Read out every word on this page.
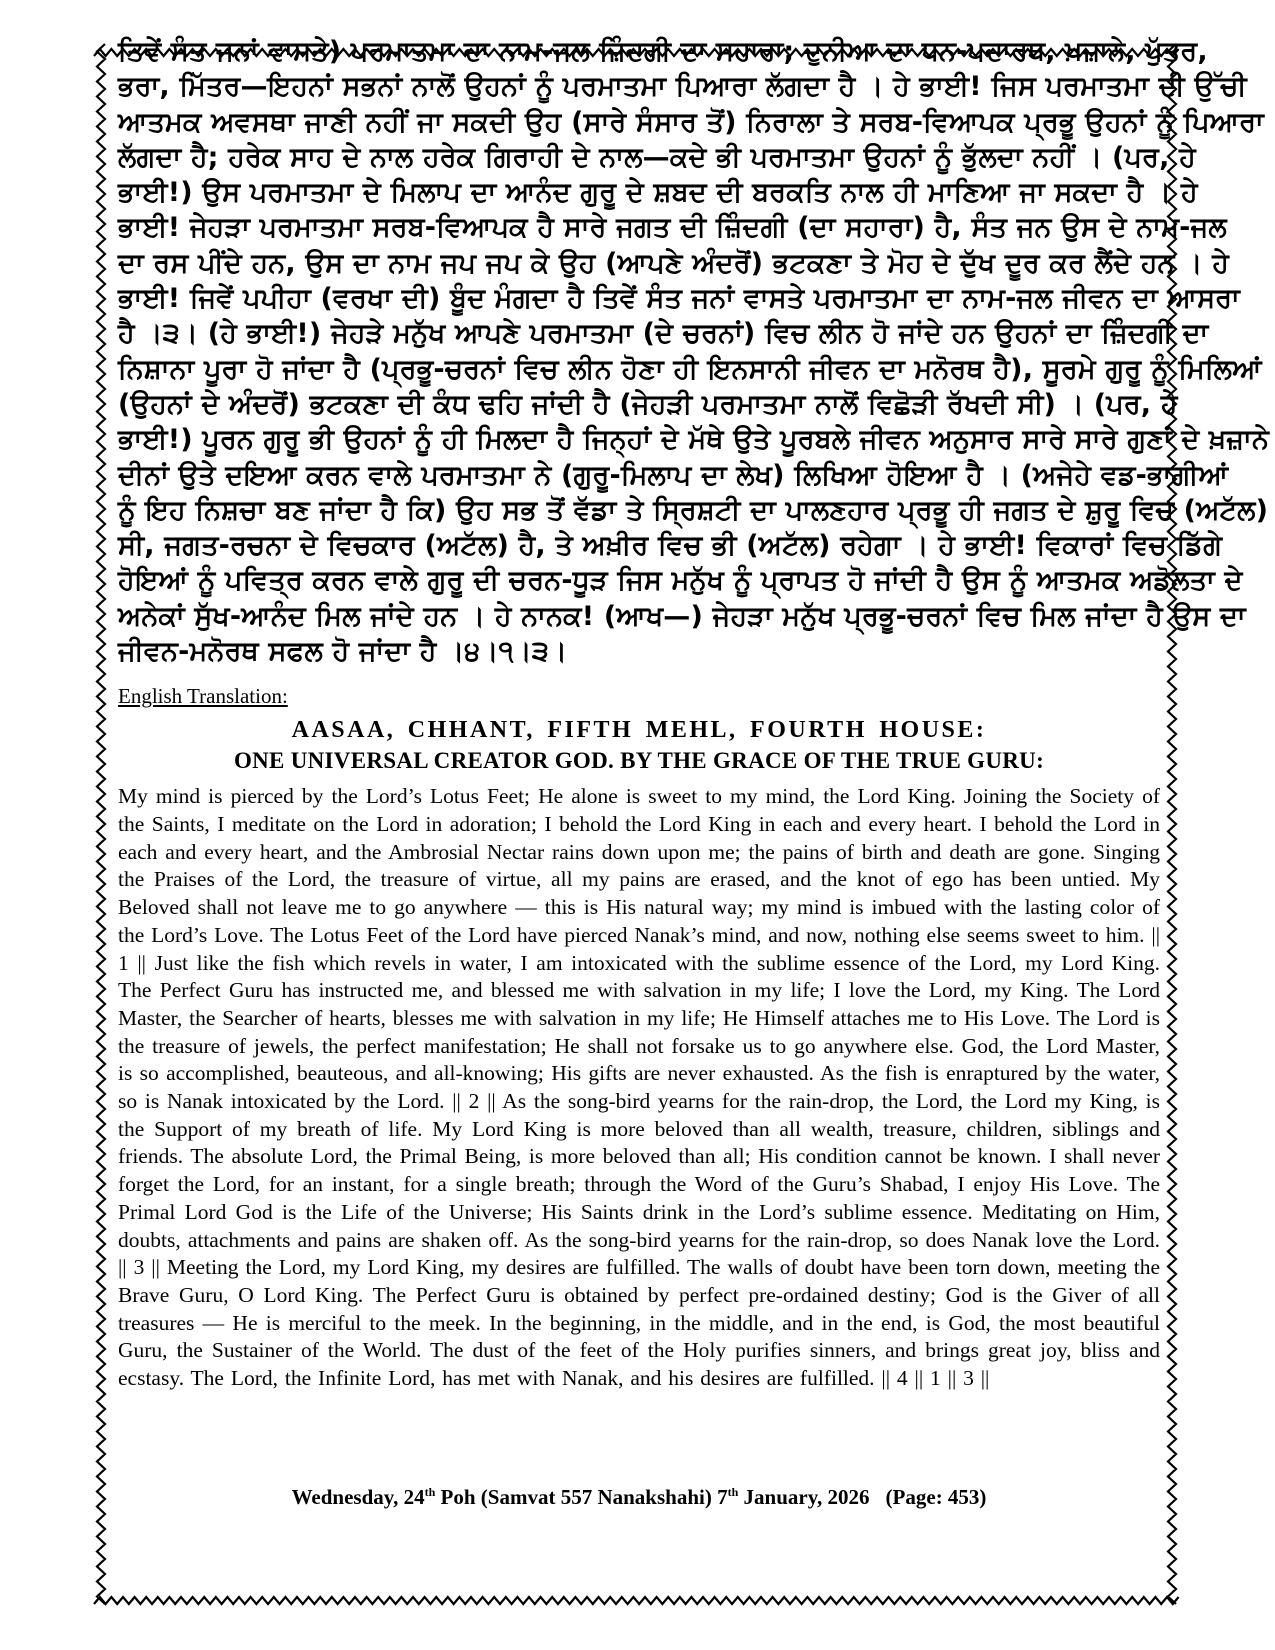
ਤਿਵੇਂ ਸੰਤ ਜਨਾਂ ਵਾਸਤੇ) ਪਰਮਾਤਮਾ ਦਾ ਨਾਮ-ਜਲ ਜ਼ਿੰਦਗੀ ਦਾ ਸਹਾਰਾ; ਦੁਨੀਆ ਦਾ ਧਨ-ਪਦਾਰਥ, ਖ਼ਜ਼ਾਨੇ, ਪੁੱਤਰ,
ਭਰਾ, ਮਿੱਤਰ—ਇਹਨਾਂ ਸਭਨਾਂ ਨਾਲੋਂ ਉਹਨਾਂ ਨੂੰ ਪਰਮਾਤਮਾ ਪਿਆਰਾ ਲੱਗਦਾ ਹੈ । ਹੇ ਭਾਈ! ਜਿਸ ਪਰਮਾਤਮਾ ਦੀ ਉੱਚੀ
ਆਤਮਕ ਅਵਸਥਾ ਜਾਣੀ ਨਹੀਂ ਜਾ ਸਕਦੀ ਉਹ (ਸਾਰੇ ਸੰਸਾਰ ਤੋਂ) ਨਿਰਾਲਾ ਤੇ ਸਰਬ-ਵਿਆਪਕ ਪ੍ਰਭੂ ਉਹਨਾਂ ਨੂੰ ਪਿਆਰਾ
ਲੱਗਦਾ ਹੈ; ਹਰੇਕ ਸਾਹ ਦੇ ਨਾਲ ਹਰੇਕ ਗਿਰਾਹੀ ਦੇ ਨਾਲ—ਕਦੇ ਭੀ ਪਰਮਾਤਮਾ ਉਹਨਾਂ ਨੂੰ ਭੁੱਲਦਾ ਨਹੀਂ । (ਪਰ, ਹੇ
ਭਾਈ!) ਉਸ ਪਰਮਾਤਮਾ ਦੇ ਮਿਲਾਪ ਦਾ ਆਨੰਦ ਗੁਰੂ ਦੇ ਸ਼ਬਦ ਦੀ ਬਰਕਤਿ ਨਾਲ ਹੀ ਮਾਣਿਆ ਜਾ ਸਕਦਾ ਹੈ । ਹੇ
ਭਾਈ! ਜੇਹੜਾ ਪਰਮਾਤਮਾ ਸਰਬ-ਵਿਆਪਕ ਹੈ ਸਾਰੇ ਜਗਤ ਦੀ ਜ਼ਿੰਦਗੀ (ਦਾ ਸਹਾਰਾ) ਹੈ, ਸੰਤ ਜਨ ਉਸ ਦੇ ਨਾਮ-ਜਲ
ਦਾ ਰਸ ਪੀਂਦੇ ਹਨ, ਉਸ ਦਾ ਨਾਮ ਜਪ ਜਪ ਕੇ ਉਹ (ਆਪਣੇ ਅੰਦਰੋਂ) ਭਟਕਣਾ ਤੇ ਮੋਹ ਦੇ ਦੁੱਖ ਦੂਰ ਕਰ ਲੈਂਦੇ ਹਨ । ਹੇ
ਭਾਈ! ਜਿਵੇਂ ਪਪੀਹਾ (ਵਰਖਾ ਦੀ) ਬੂੰਦ ਮੰਗਦਾ ਹੈ ਤਿਵੇਂ ਸੰਤ ਜਨਾਂ ਵਾਸਤੇ ਪਰਮਾਤਮਾ ਦਾ ਨਾਮ-ਜਲ ਜੀਵਨ ਦਾ ਆਸਰਾ
ਹੈ ।੩। (ਹੇ ਭਾਈ!) ਜੇਹੜੇ ਮਨੁੱਖ ਆਪਣੇ ਪਰਮਾਤਮਾ (ਦੇ ਚਰਨਾਂ) ਵਿਚ ਲੀਨ ਹੋ ਜਾਂਦੇ ਹਨ ਉਹਨਾਂ ਦਾ ਜ਼ਿੰਦਗੀ ਦਾ
ਨਿਸ਼ਾਨਾ ਪੂਰਾ ਹੋ ਜਾਂਦਾ ਹੈ (ਪ੍ਰਭੂ-ਚਰਨਾਂ ਵਿਚ ਲੀਨ ਹੋਣਾ ਹੀ ਇਨਸਾਨੀ ਜੀਵਨ ਦਾ ਮਨੋਰਥ ਹੈ), ਸੂਰਮੇ ਗੁਰੂ ਨੂੰ ਮਿਲਿਆਂ
(ਉਹਨਾਂ ਦੇ ਅੰਦਰੋਂ) ਭਟਕਣਾ ਦੀ ਕੰਧ ਢਹਿ ਜਾਂਦੀ ਹੈ (ਜੇਹੜੀ ਪਰਮਾਤਮਾ ਨਾਲੋਂ ਵਿਛੋੜੀ ਰੱਖਦੀ ਸੀ) । (ਪਰ, ਹੇ
ਭਾਈ!) ਪੂਰਨ ਗੁਰੂ ਭੀ ਉਹਨਾਂ ਨੂੰ ਹੀ ਮਿਲਦਾ ਹੈ ਜਿਨ੍ਹਾਂ ਦੇ ਮੱਥੇ ਉਤੇ ਪੂਰਬਲੇ ਜੀਵਨ ਅਨੁਸਾਰ ਸਾਰੇ ਸਾਰੇ ਗੁਣਾਂ ਦੇ ਖ਼ਜ਼ਾਨੇ
ਦੀਨਾਂ ਉਤੇ ਦਇਆ ਕਰਨ ਵਾਲੇ ਪਰਮਾਤਮਾ ਨੇ (ਗੁਰੂ-ਮਿਲਾਪ ਦਾ ਲੇਖ) ਲਿਖਿਆ ਹੋਇਆ ਹੈ । (ਅਜੇਹੇ ਵਡ-ਭਾਗੀਆਂ
ਨੂੰ ਇਹ ਨਿਸ਼ਚਾ ਬਣ ਜਾਂਦਾ ਹੈ ਕਿ) ਉਹ ਸਭ ਤੋਂ ਵੱਡਾ ਤੇ ਸ੍ਰਿਸ਼ਟੀ ਦਾ ਪਾਲਣਹਾਰ ਪ੍ਰਭੂ ਹੀ ਜਗਤ ਦੇ ਸ਼ੁਰੂ ਵਿਚ (ਅਟੱਲ)
ਸੀ, ਜਗਤ-ਰਚਨਾ ਦੇ ਵਿਚਕਾਰ (ਅਟੱਲ) ਹੈ, ਤੇ ਅਖ਼ੀਰ ਵਿਚ ਭੀ (ਅਟੱਲ) ਰਹੇਗਾ । ਹੇ ਭਾਈ! ਵਿਕਾਰਾਂ ਵਿਚ ਡਿੱਗੇ
ਹੋਇਆਂ ਨੂੰ ਪਵਿਤ੍ਰ ਕਰਨ ਵਾਲੇ ਗੁਰੂ ਦੀ ਚਰਨ-ਧੂੜ ਜਿਸ ਮਨੁੱਖ ਨੂੰ ਪ੍ਰਾਪਤ ਹੋ ਜਾਂਦੀ ਹੈ ਉਸ ਨੂੰ ਆਤਮਕ ਅਡੋਲਤਾ ਦੇ
ਅਨੇਕਾਂ ਸੁੱਖ-ਆਨੰਦ ਮਿਲ ਜਾਂਦੇ ਹਨ । ਹੇ ਨਾਨਕ! (ਆਖ—) ਜੇਹੜਾ ਮਨੁੱਖ ਪ੍ਰਭੂ-ਚਰਨਾਂ ਵਿਚ ਮਿਲ ਜਾਂਦਾ ਹੈ ਉਸ ਦਾ
ਜੀਵਨ-ਮਨੋਰਥ ਸਫਲ ਹੋ ਜਾਂਦਾ ਹੈ ।੪।੧।੩।
English Translation:
AASAA, CHHANT, FIFTH MEHL, FOURTH HOUSE:
ONE UNIVERSAL CREATOR GOD. BY THE GRACE OF THE TRUE GURU:
My mind is pierced by the Lord’s Lotus Feet; He alone is sweet to my mind, the Lord King. Joining the Society of the Saints, I meditate on the Lord in adoration; I behold the Lord King in each and every heart. I behold the Lord in each and every heart, and the Ambrosial Nectar rains down upon me; the pains of birth and death are gone. Singing the Praises of the Lord, the treasure of virtue, all my pains are erased, and the knot of ego has been untied. My Beloved shall not leave me to go anywhere — this is His natural way; my mind is imbued with the lasting color of the Lord’s Love. The Lotus Feet of the Lord have pierced Nanak’s mind, and now, nothing else seems sweet to him. || 1 || Just like the fish which revels in water, I am intoxicated with the sublime essence of the Lord, my Lord King. The Perfect Guru has instructed me, and blessed me with salvation in my life; I love the Lord, my King. The Lord Master, the Searcher of hearts, blesses me with salvation in my life; He Himself attaches me to His Love. The Lord is the treasure of jewels, the perfect manifestation; He shall not forsake us to go anywhere else. God, the Lord Master, is so accomplished, beauteous, and all-knowing; His gifts are never exhausted. As the fish is enraptured by the water, so is Nanak intoxicated by the Lord. || 2 || As the song-bird yearns for the rain-drop, the Lord, the Lord my King, is the Support of my breath of life. My Lord King is more beloved than all wealth, treasure, children, siblings and friends. The absolute Lord, the Primal Being, is more beloved than all; His condition cannot be known. I shall never forget the Lord, for an instant, for a single breath; through the Word of the Guru’s Shabad, I enjoy His Love. The Primal Lord God is the Life of the Universe; His Saints drink in the Lord’s sublime essence. Meditating on Him, doubts, attachments and pains are shaken off. As the song-bird yearns for the rain-drop, so does Nanak love the Lord. || 3 || Meeting the Lord, my Lord King, my desires are fulfilled. The walls of doubt have been torn down, meeting the Brave Guru, O Lord King. The Perfect Guru is obtained by perfect pre-ordained destiny; God is the Giver of all treasures — He is merciful to the meek. In the beginning, in the middle, and in the end, is God, the most beautiful Guru, the Sustainer of the World. The dust of the feet of the Holy purifies sinners, and brings great joy, bliss and ecstasy. The Lord, the Infinite Lord, has met with Nanak, and his desires are fulfilled. || 4 || 1 || 3 ||
Wednesday, 24th Poh (Samvat 557 Nanakshahi) 7th January, 2026 (Page: 453)
